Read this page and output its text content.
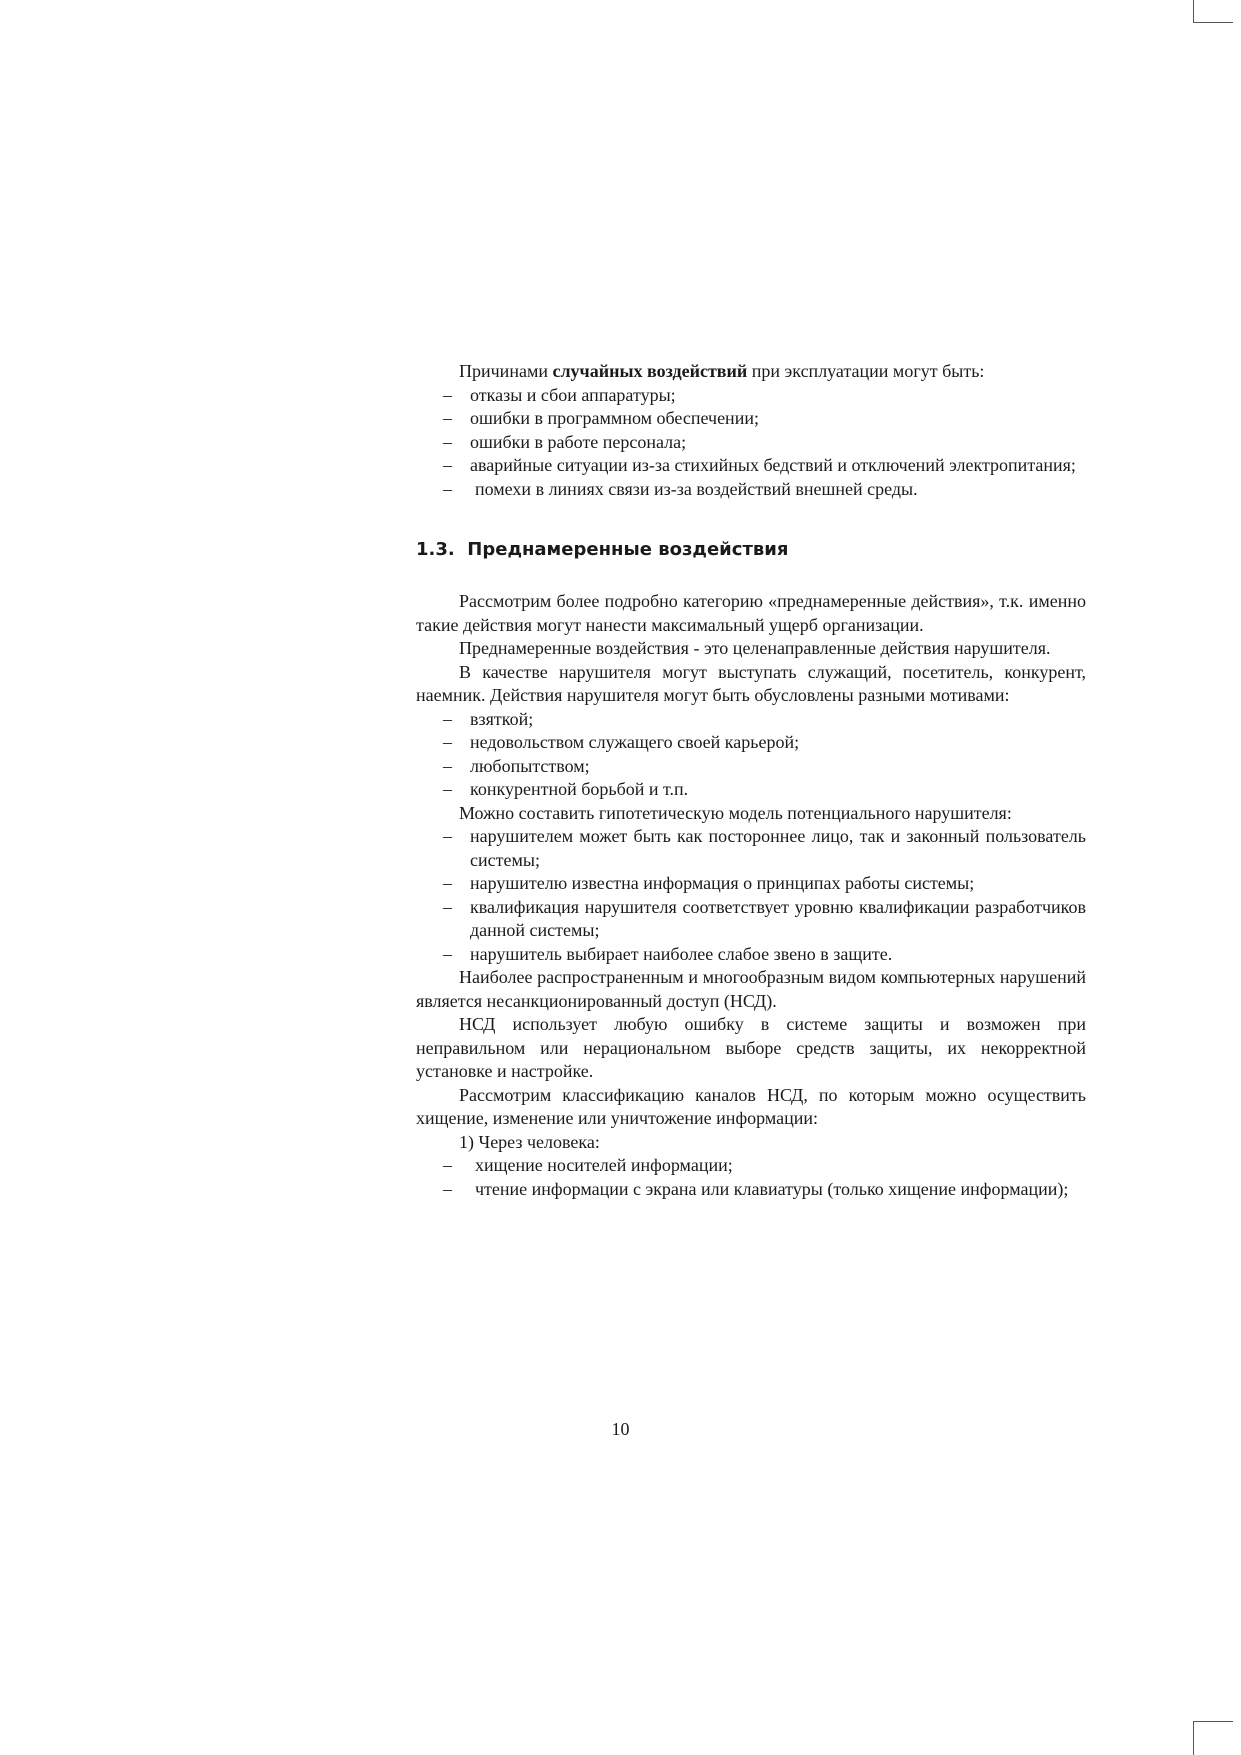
Причинами случайных воздействий при эксплуатации могут быть:

–	отказы и сбои аппаратуры;
–	ошибки в программном обеспечении;
–	ошибки в работе персонала;
–	аварийные ситуации из-за стихийных бедствий и отключений электропитания;
–	помехи в линиях связи из-за воздействий внешней среды.
1.3. Преднамеренные воздействия

Рассмотрим более подробно категорию «преднамеренные действия», т.к. именно такие действия могут нанести максимальный ущерб организации.

Преднамеренные воздействия - это целенаправленные действия нарушителя.

В качестве нарушителя могут выступать служащий, посетитель, конкурент, наемник. Действия нарушителя могут быть обусловлены разными мотивами:

–	взяткой;
–	недовольством служащего своей карьерой;
–	любопытством;
–	конкурентной борьбой и т.п.

Можно составить гипотетическую модель потенциального нарушителя:

–	нарушителем может быть как постороннее лицо, так и законный пользователь системы;
–	нарушителю известна информация о принципах работы системы;
–	квалификация нарушителя соответствует уровню квалификации разработчиков данной системы;
–	нарушитель выбирает наиболее слабое звено в защите.

Наиболее распространенным и многообразным видом компьютерных нарушений является несанкционированный доступ (НСД).

НСД использует любую ошибку в системе защиты и возможен при неправильном или нерациональном выборе средств защиты, их некорректной установке и настройке.

Рассмотрим классификацию каналов НСД, по которым можно осуществить хищение, изменение или уничтожение информации:

1) Через человека:

–	хищение носителей информации;
–	чтение информации с экрана или клавиатуры (только хищение информации);
10
